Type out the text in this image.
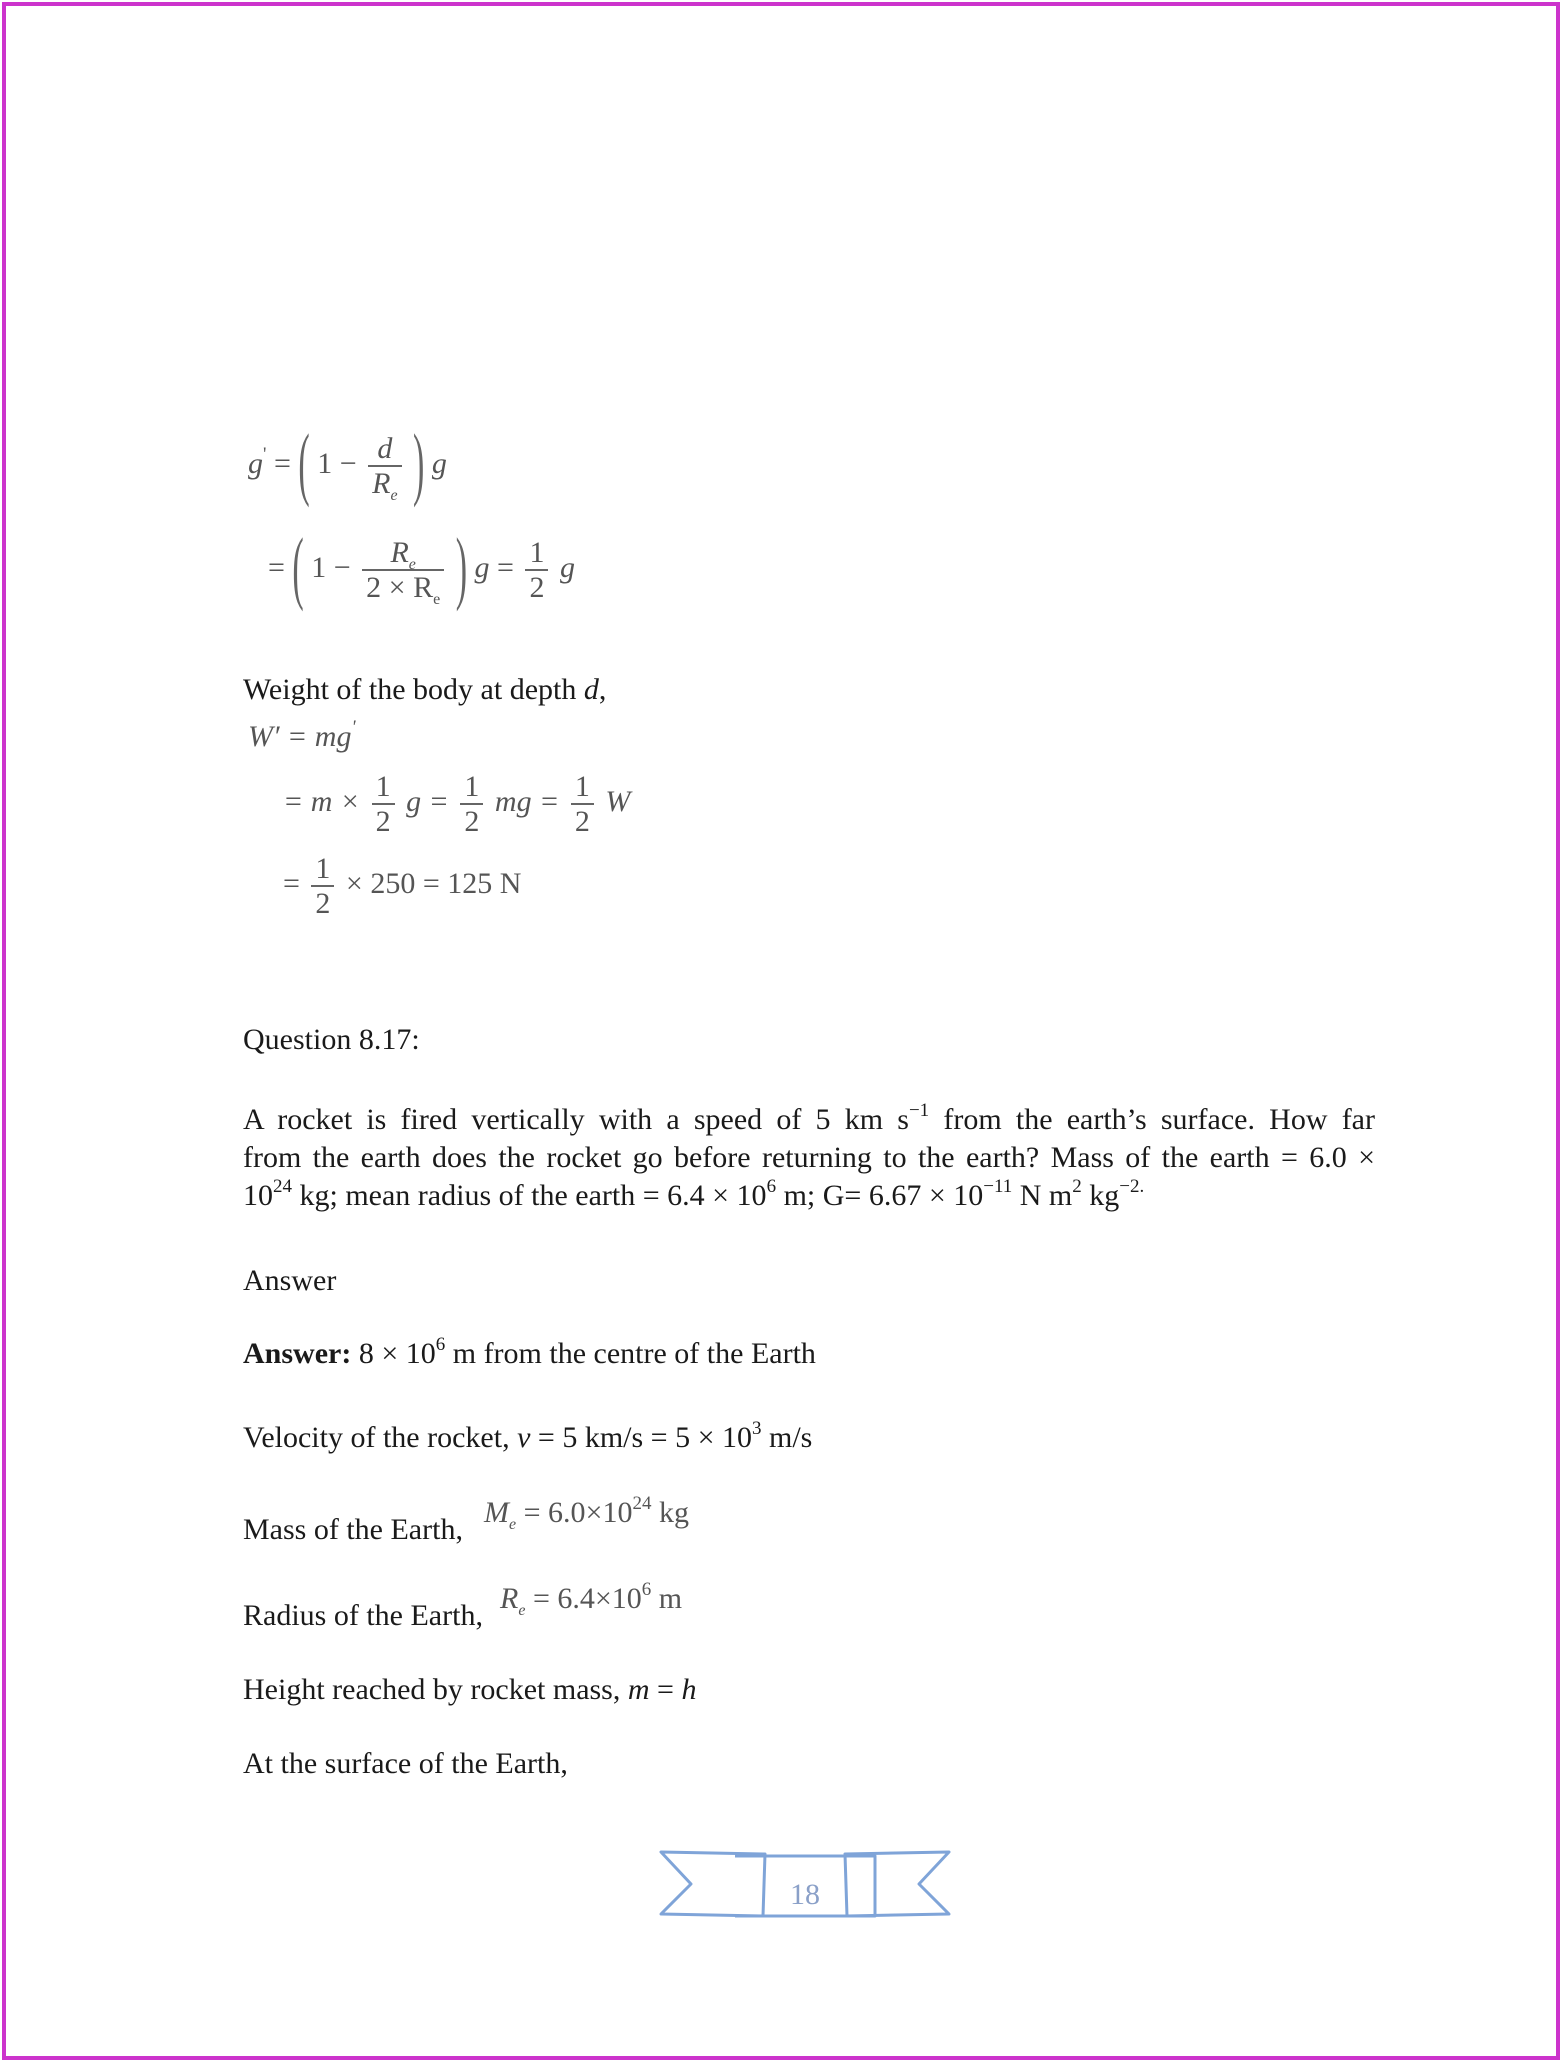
g' = ( $1 - \frac{d}{R_e}$ ) g
= ( $1 - \frac{R_e}{2 \times R_e}$ ) $g = \frac{1}{2}$ g
Weight of the body at depth d,
W′ = mg'
= $m \times \frac{1}{2}$ $g = \frac{1}{2}$ mg = $\frac{1}{2}$ W
= $\frac{1}{2} \times 250 = 125$ N
Question 8.17:
A rocket is fired vertically with a speed of 5 km $s^{-1}$ from the earth’s surface. How far
from the earth does the rocket go before returning to the earth? Mass of the earth = 6.0 ×
$10^{24}$ kg; mean radius of the earth = $6.4 \times 10^6$ m; $G= 6.67 \times 10^{-11}$ N $m^2$ $kg^{-2.}$
Answer
Answer: $8 \times 10^6$ m from the centre of the Earth
Velocity of the rocket, v = 5 $km/s = 5 \times 10^3$ m/s
Mass of the Earth,
$M_e = 6.0\times 10^{24}$ kg
Radius of the Earth,
$R_e = 6.4\times 10^6$ m
Height reached by rocket mass, m = h
At the surface of the Earth,
18
